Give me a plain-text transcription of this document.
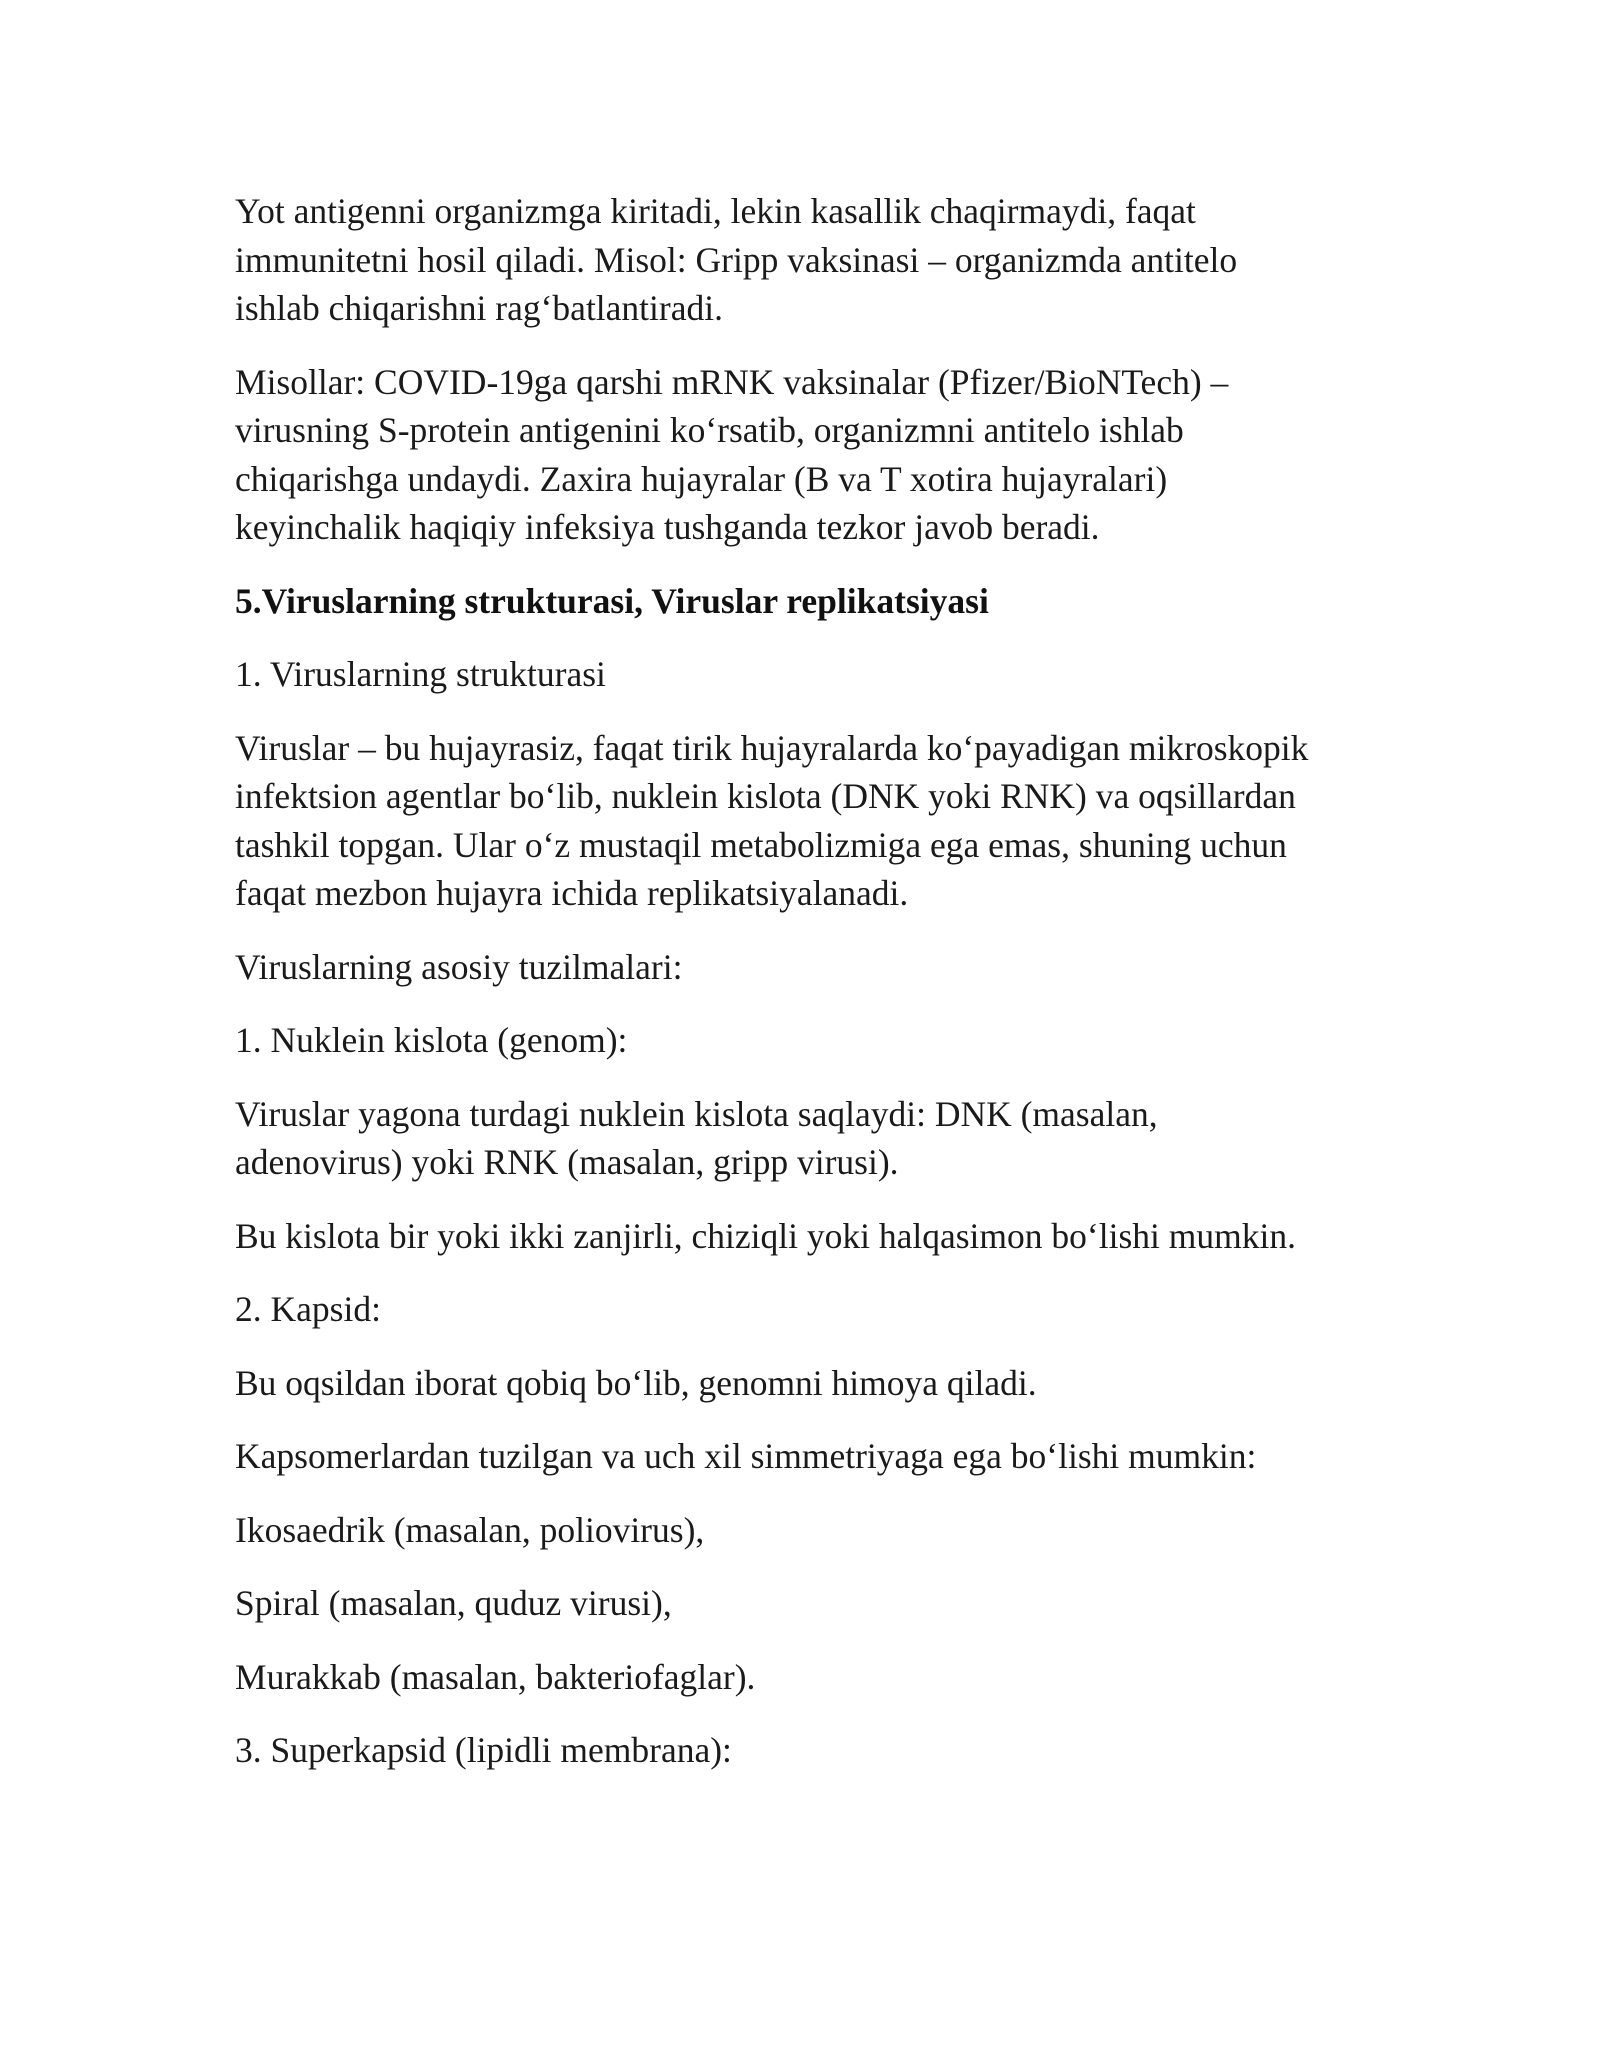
Yot antigenni organizmga kiritadi, lekin kasallik chaqirmaydi, faqat
immunitetni hosil qiladi. Misol: Gripp vaksinasi – organizmda antitelo
ishlab chiqarishni rag‘batlantiradi.

Misollar: COVID-19ga qarshi mRNK vaksinalar (Pfizer/BioNTech) –
virusning S-protein antigenini ko‘rsatib, organizmni antitelo ishlab
chiqarishga undaydi. Zaxira hujayralar (B va T xotira hujayralari)
keyinchalik haqiqiy infeksiya tushganda tezkor javob beradi.

5.Viruslarning strukturasi, Viruslar replikatsiyasi

1. Viruslarning strukturasi

Viruslar – bu hujayrasiz, faqat tirik hujayralarda ko‘payadigan mikroskopik
infektsion agentlar bo‘lib, nuklein kislota (DNK yoki RNK) va oqsillardan
tashkil topgan. Ular o‘z mustaqil metabolizmiga ega emas, shuning uchun
faqat mezbon hujayra ichida replikatsiyalanadi.

Viruslarning asosiy tuzilmalari:

1. Nuklein kislota (genom):

Viruslar yagona turdagi nuklein kislota saqlaydi: DNK (masalan,
adenovirus) yoki RNK (masalan, gripp virusi).

Bu kislota bir yoki ikki zanjirli, chiziqli yoki halqasimon bo‘lishi mumkin.

2. Kapsid:

Bu oqsildan iborat qobiq bo‘lib, genomni himoya qiladi.

Kapsomerlardan tuzilgan va uch xil simmetriyaga ega bo‘lishi mumkin:

Ikosaedrik (masalan, poliovirus),

Spiral (masalan, quduz virusi),

Murakkab (masalan, bakteriofaglar).

3. Superkapsid (lipidli membrana):
